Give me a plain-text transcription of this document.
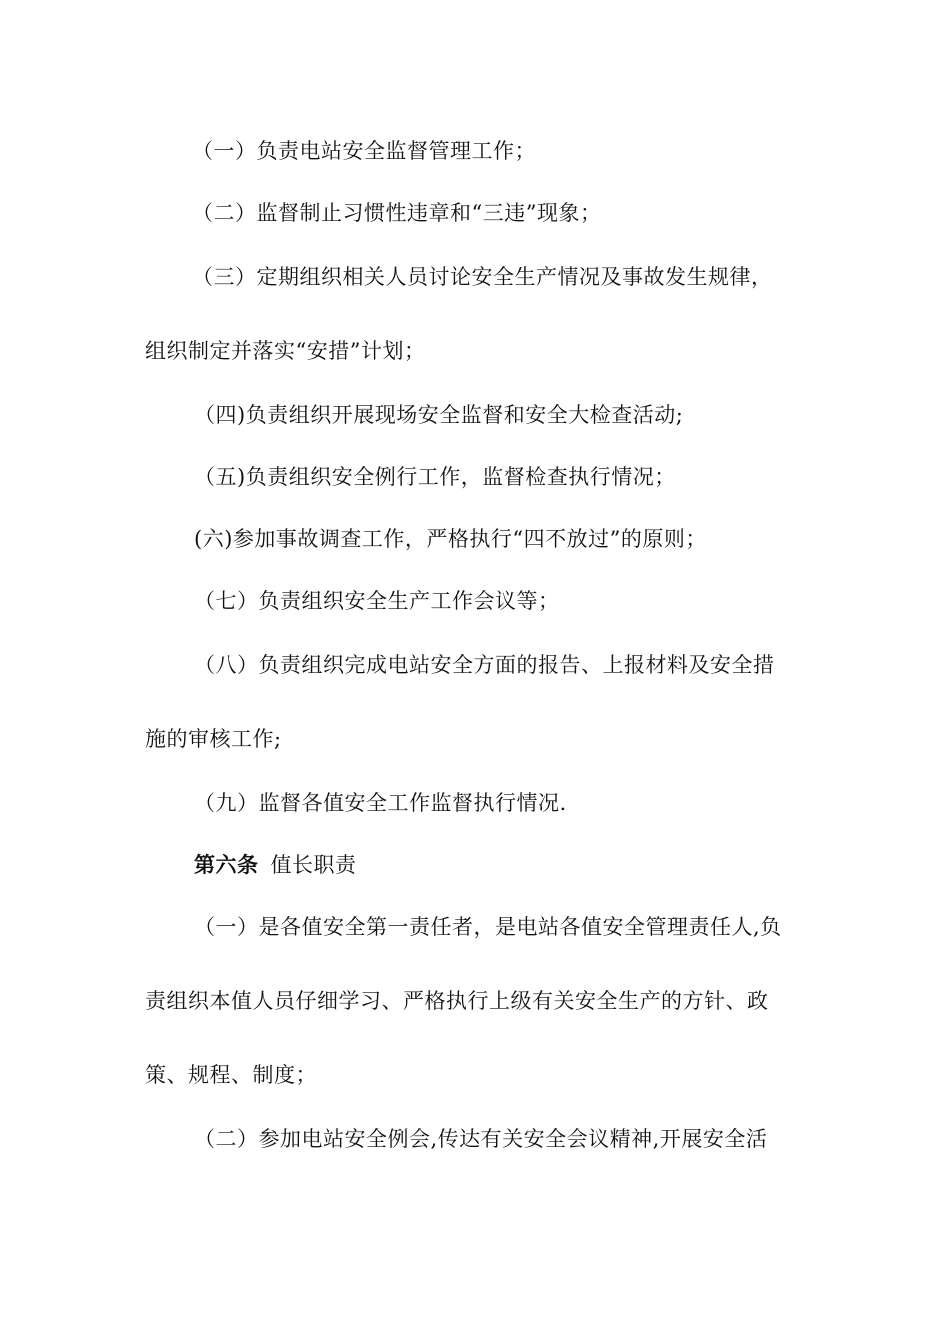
（一）负责电站安全监督管理工作；
（二）监督制止习惯性违章和“三违”现象；
（三）定期组织相关人员讨论安全生产情况及事故发生规律，
组织制定并落实“安措”计划；
（四)负责组织开展现场安全监督和安全大检查活动;
（五)负责组织安全例行工作，监督检查执行情况；
(六)参加事故调查工作，严格执行“四不放过”的原则；
（七）负责组织安全生产工作会议等；
（八）负责组织完成电站安全方面的报告、上报材料及安全措
施的审核工作;
（九）监督各值安全工作监督执行情况.
第六条 值长职责
（一）是各值安全第一责任者，是电站各值安全管理责任人,负
责组织本值人员仔细学习、严格执行上级有关安全生产的方针、政
策、规程、制度；
（二）参加电站安全例会,传达有关安全会议精神,开展安全活
